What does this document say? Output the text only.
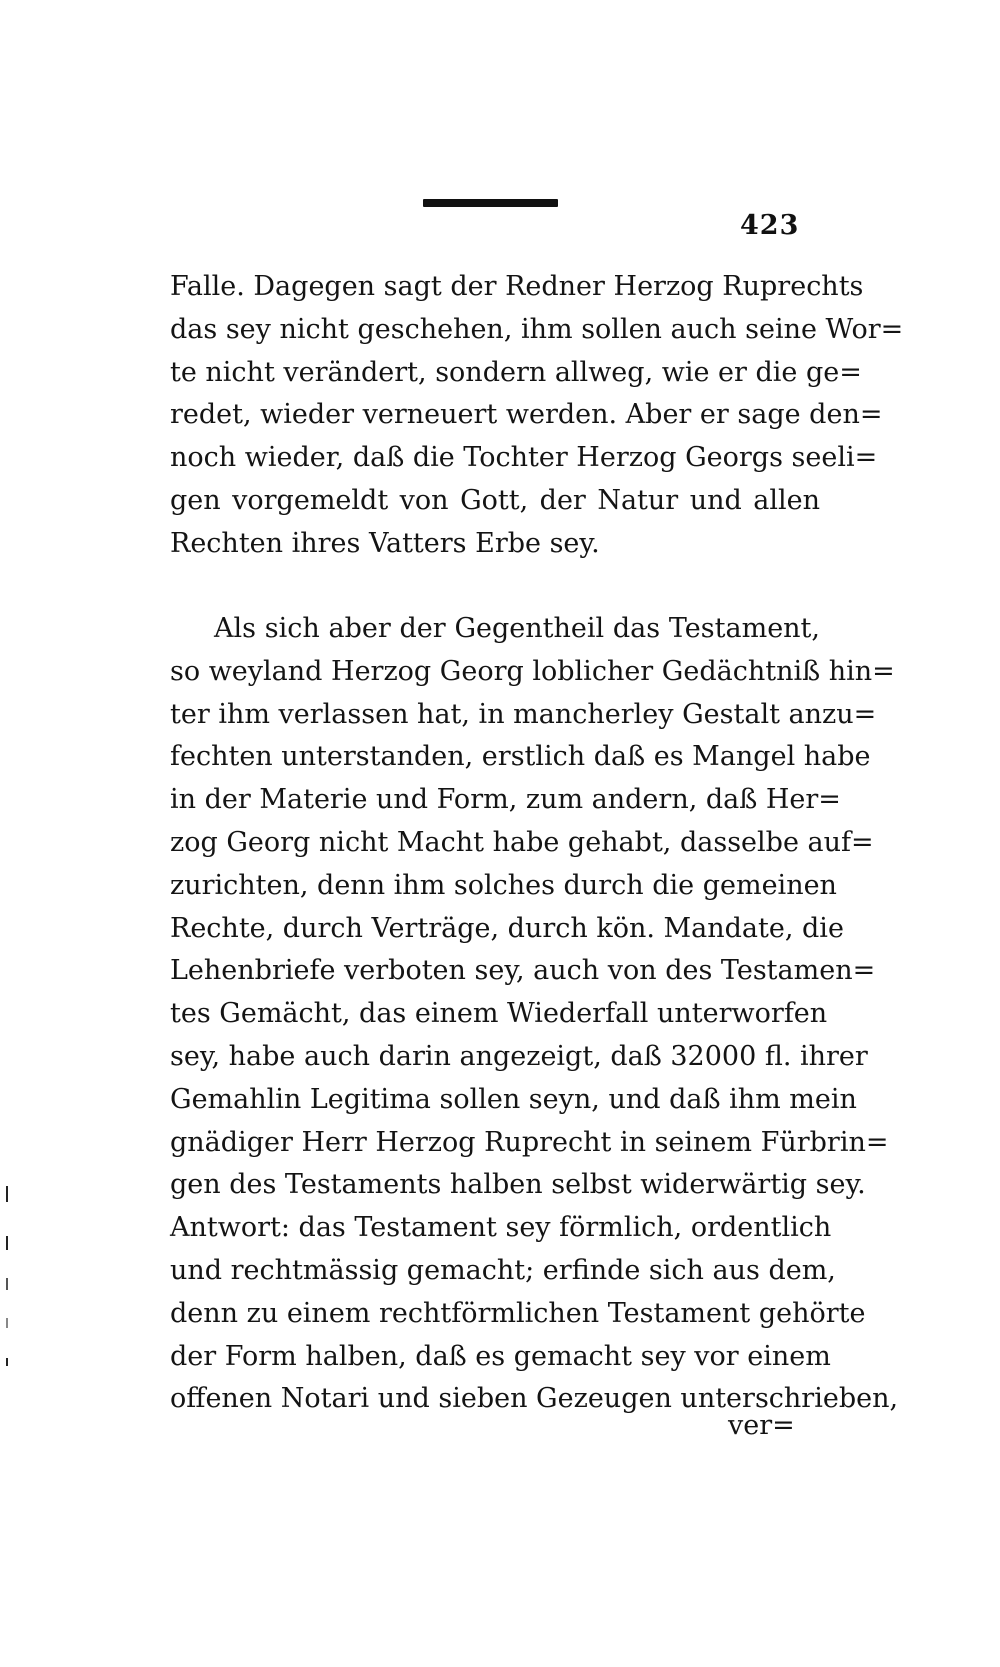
423
Falle. Dagegen sagt der Redner Herzog Ruprechts
das sey nicht geschehen, ihm sollen auch seine Wor=
te nicht verändert, sondern allweg, wie er die ge=
redet, wieder verneuert werden. Aber er sage den=
noch wieder, daß die Tochter Herzog Georgs seeli=
gen vorgemeldt von Gott, der Natur und allen
Rechten ihres Vatters Erbe sey.
Als sich aber der Gegentheil das Testament,
so weyland Herzog Georg loblicher Gedächtniß hin=
ter ihm verlassen hat, in mancherley Gestalt anzu=
fechten unterstanden, erstlich daß es Mangel habe
in der Materie und Form, zum andern, daß Her=
zog Georg nicht Macht habe gehabt, dasselbe auf=
zurichten, denn ihm solches durch die gemeinen
Rechte, durch Verträge, durch kön. Mandate, die
Lehenbriefe verboten sey, auch von des Testamen=
tes Gemächt, das einem Wiederfall unterworfen
sey, habe auch darin angezeigt, daß 32000 fl. ihrer
Gemahlin Legitima sollen seyn, und daß ihm mein
gnädiger Herr Herzog Ruprecht in seinem Fürbrin=
gen des Testaments halben selbst widerwärtig sey.
Antwort: das Testament sey förmlich, ordentlich
und rechtmässig gemacht; erfinde sich aus dem,
denn zu einem rechtförmlichen Testament gehörte
der Form halben, daß es gemacht sey vor einem
offenen Notari und sieben Gezeugen unterschrieben,
ver=
